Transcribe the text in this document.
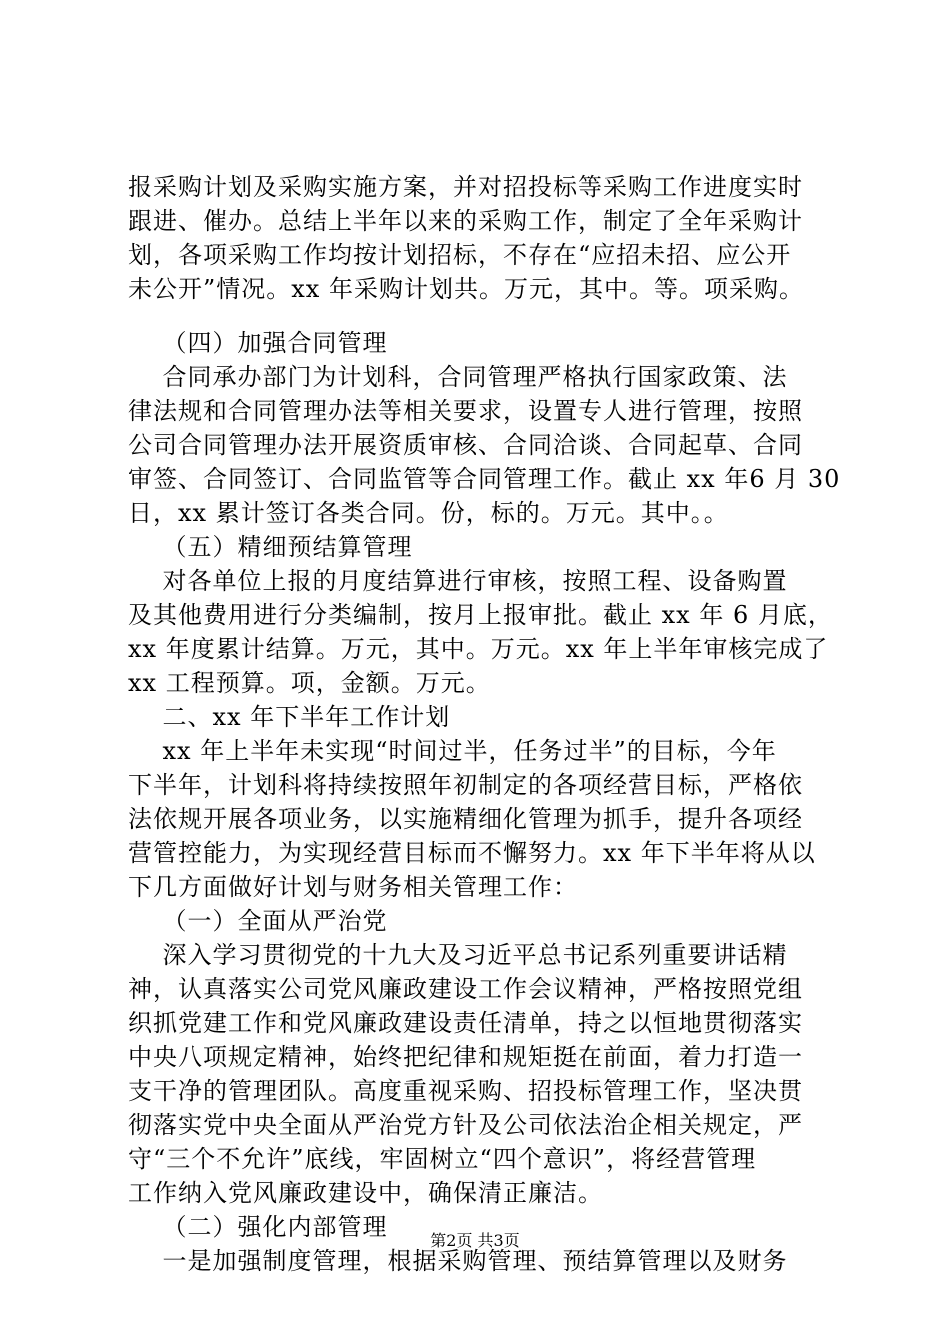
报采购计划及采购实施方案，并对招投标等采购工作进度实时
跟进、催办。总结上半年以来的采购工作，制定了全年采购计
划，各项采购工作均按计划招标，不存在“应招未招、应公开
未公开”情况。xx 年采购计划共。万元，其中。等。项采购。
（四）加强合同管理
合同承办部门为计划科，合同管理严格执行国家政策、法
律法规和合同管理办法等相关要求，设置专人进行管理，按照
公司合同管理办法开展资质审核、合同洽谈、合同起草、合同
审签、合同签订、合同监管等合同管理工作。截止 xx 年6 月 30
日，xx 累计签订各类合同。份，标的。万元。其中。。
（五）精细预结算管理
对各单位上报的月度结算进行审核，按照工程、设备购置
及其他费用进行分类编制，按月上报审批。截止 xx 年 6 月底，
xx 年度累计结算。万元，其中。万元。xx 年上半年审核完成了
xx 工程预算。项，金额。万元。
二、xx 年下半年工作计划
xx 年上半年未实现“时间过半，任务过半”的目标，今年
下半年，计划科将持续按照年初制定的各项经营目标，严格依
法依规开展各项业务，以实施精细化管理为抓手，提升各项经
营管控能力，为实现经营目标而不懈努力。xx 年下半年将从以
下几方面做好计划与财务相关管理工作：
（一）全面从严治党
深入学习贯彻党的十九大及习近平总书记系列重要讲话精
神，认真落实公司党风廉政建设工作会议精神，严格按照党组
织抓党建工作和党风廉政建设责任清单，持之以恒地贯彻落实
中央八项规定精神，始终把纪律和规矩挺在前面，着力打造一
支干净的管理团队。高度重视采购、招投标管理工作，坚决贯
彻落实党中央全面从严治党方针及公司依法治企相关规定，严
守“三个不允许”底线，牢固树立“四个意识”，将经营管理
工作纳入党风廉政建设中，确保清正廉洁。
（二）强化内部管理
一是加强制度管理，根据采购管理、预结算管理以及财务
第2页 共3页
